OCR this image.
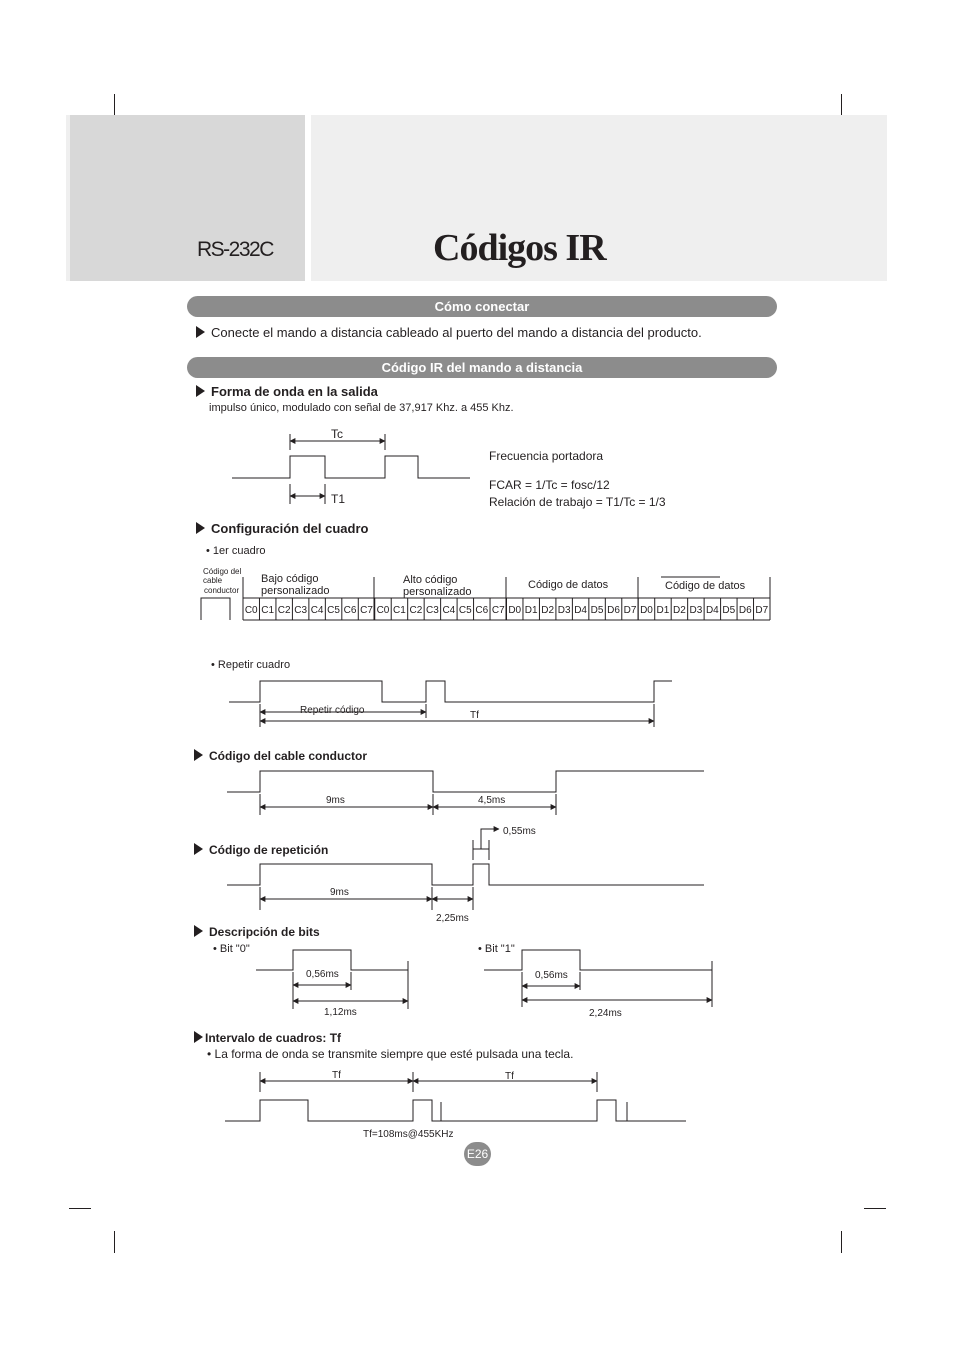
RS-232C	Códigos IR
Cómo conectar
Conecte el mando a distancia cableado al puerto del mando a distancia del producto.
Código IR del mando a distancia
Forma de onda en la salida
impulso único, modulado con señal de 37,917 Khz. a 455 Khz.
Frecuencia portadora
FCAR = 1/Tc = fosc/12
Relación de trabajo = T1/Tc = 1/3
Configuración del cuadro
• 1er cuadro
• Repetir cuadro
Código del cable conductor
Código de repetición
Descripción de bits
• Bit "0"	• Bit "1"
Intervalo de cuadros: Tf
• La forma de onda se transmite siempre que esté pulsada una tecla.
Tc
T1
Código del
cable
conductor
Bajo código
personalizado
Alto código
personalizado
Código de datos	Código de datos
C0 C1 C2 C3 C4 C5 C6 C7 C0 C1 C2 C3 C4 C5 C6 C7 D0 D1 D2 D3 D4 D5 D6 D7 D0 D1 D2 D3 D4 D5 D6 D7
Repetir código	Tf
9ms	4,5ms
0,55ms
9ms
2,25ms
0,56ms
1,12ms
0,56ms
2,24ms
Tf	Tf
Tf=108ms@455KHz
E26
